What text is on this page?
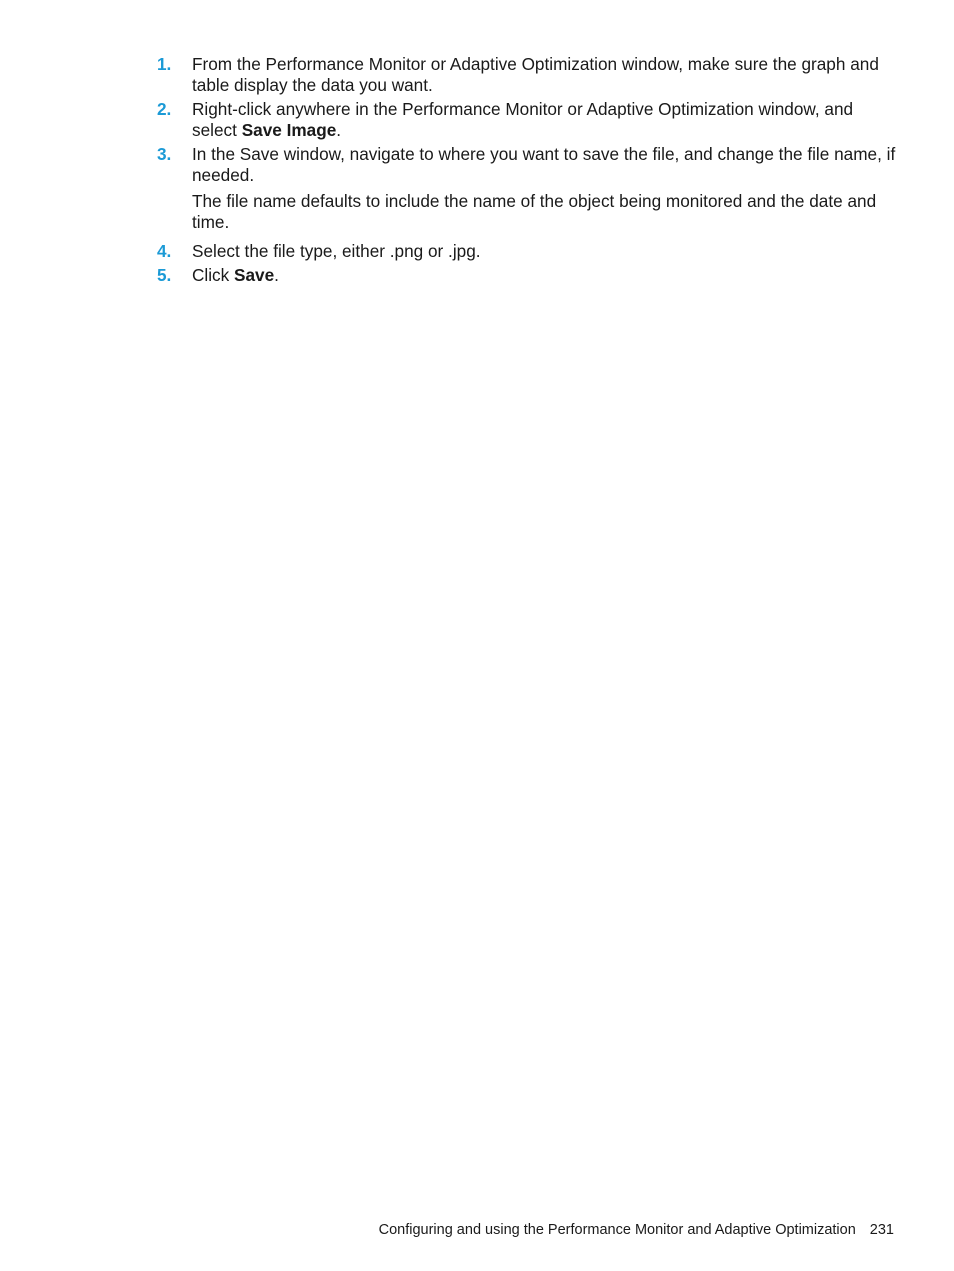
1. From the Performance Monitor or Adaptive Optimization window, make sure the graph and table display the data you want.

2. Right-click anywhere in the Performance Monitor or Adaptive Optimization window, and select Save Image.

3. In the Save window, navigate to where you want to save the file, and change the file name, if needed.

The file name defaults to include the name of the object being monitored and the date and time.

4. Select the file type, either .png or .jpg.

5. Click Save.

Configuring and using the Performance Monitor and Adaptive Optimization 231
